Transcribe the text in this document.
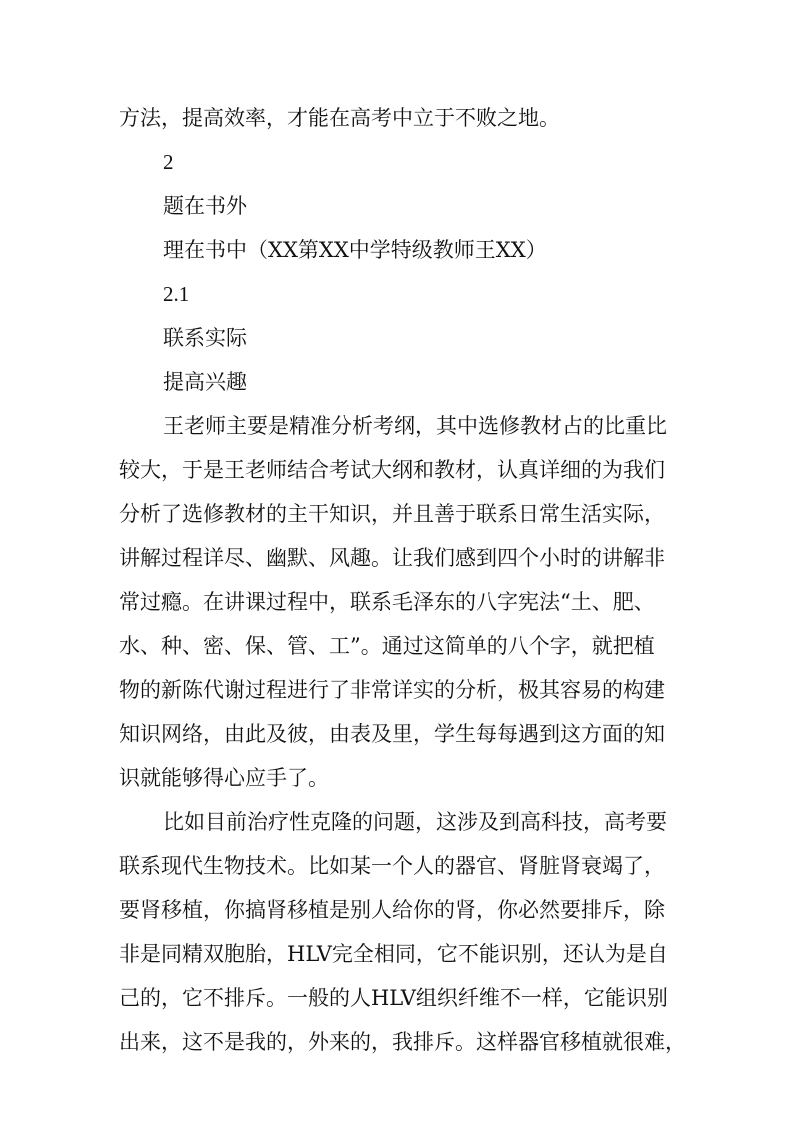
方法，提高效率，才能在高考中立于不败之地。

2

题在书外

理在书中（XX第XX中学特级教师王XX）

2.1

联系实际

提高兴趣

王老师主要是精准分析考纲，其中选修教材占的比重比

较大，于是王老师结合考试大纲和教材，认真详细的为我们

分析了选修教材的主干知识，并且善于联系日常生活实际，

讲解过程详尽、幽默、风趣。让我们感到四个小时的讲解非

常过瘾。在讲课过程中，联系毛泽东的八字宪法“土、肥、

水、种、密、保、管、工”。通过这简单的八个字，就把植

物的新陈代谢过程进行了非常详实的分析，极其容易的构建

知识网络，由此及彼，由表及里，学生每每遇到这方面的知

识就能够得心应手了。

比如目前治疗性克隆的问题，这涉及到高科技，高考要

联系现代生物技术。比如某一个人的器官、肾脏肾衰竭了，

要肾移植，你搞肾移植是别人给你的肾，你必然要排斥，除

非是同精双胞胎，HLV完全相同，它不能识别，还认为是自

己的，它不排斥。一般的人HLV组织纤维不一样，它能识别

出来，这不是我的，外来的，我排斥。这样器官移植就很难，
